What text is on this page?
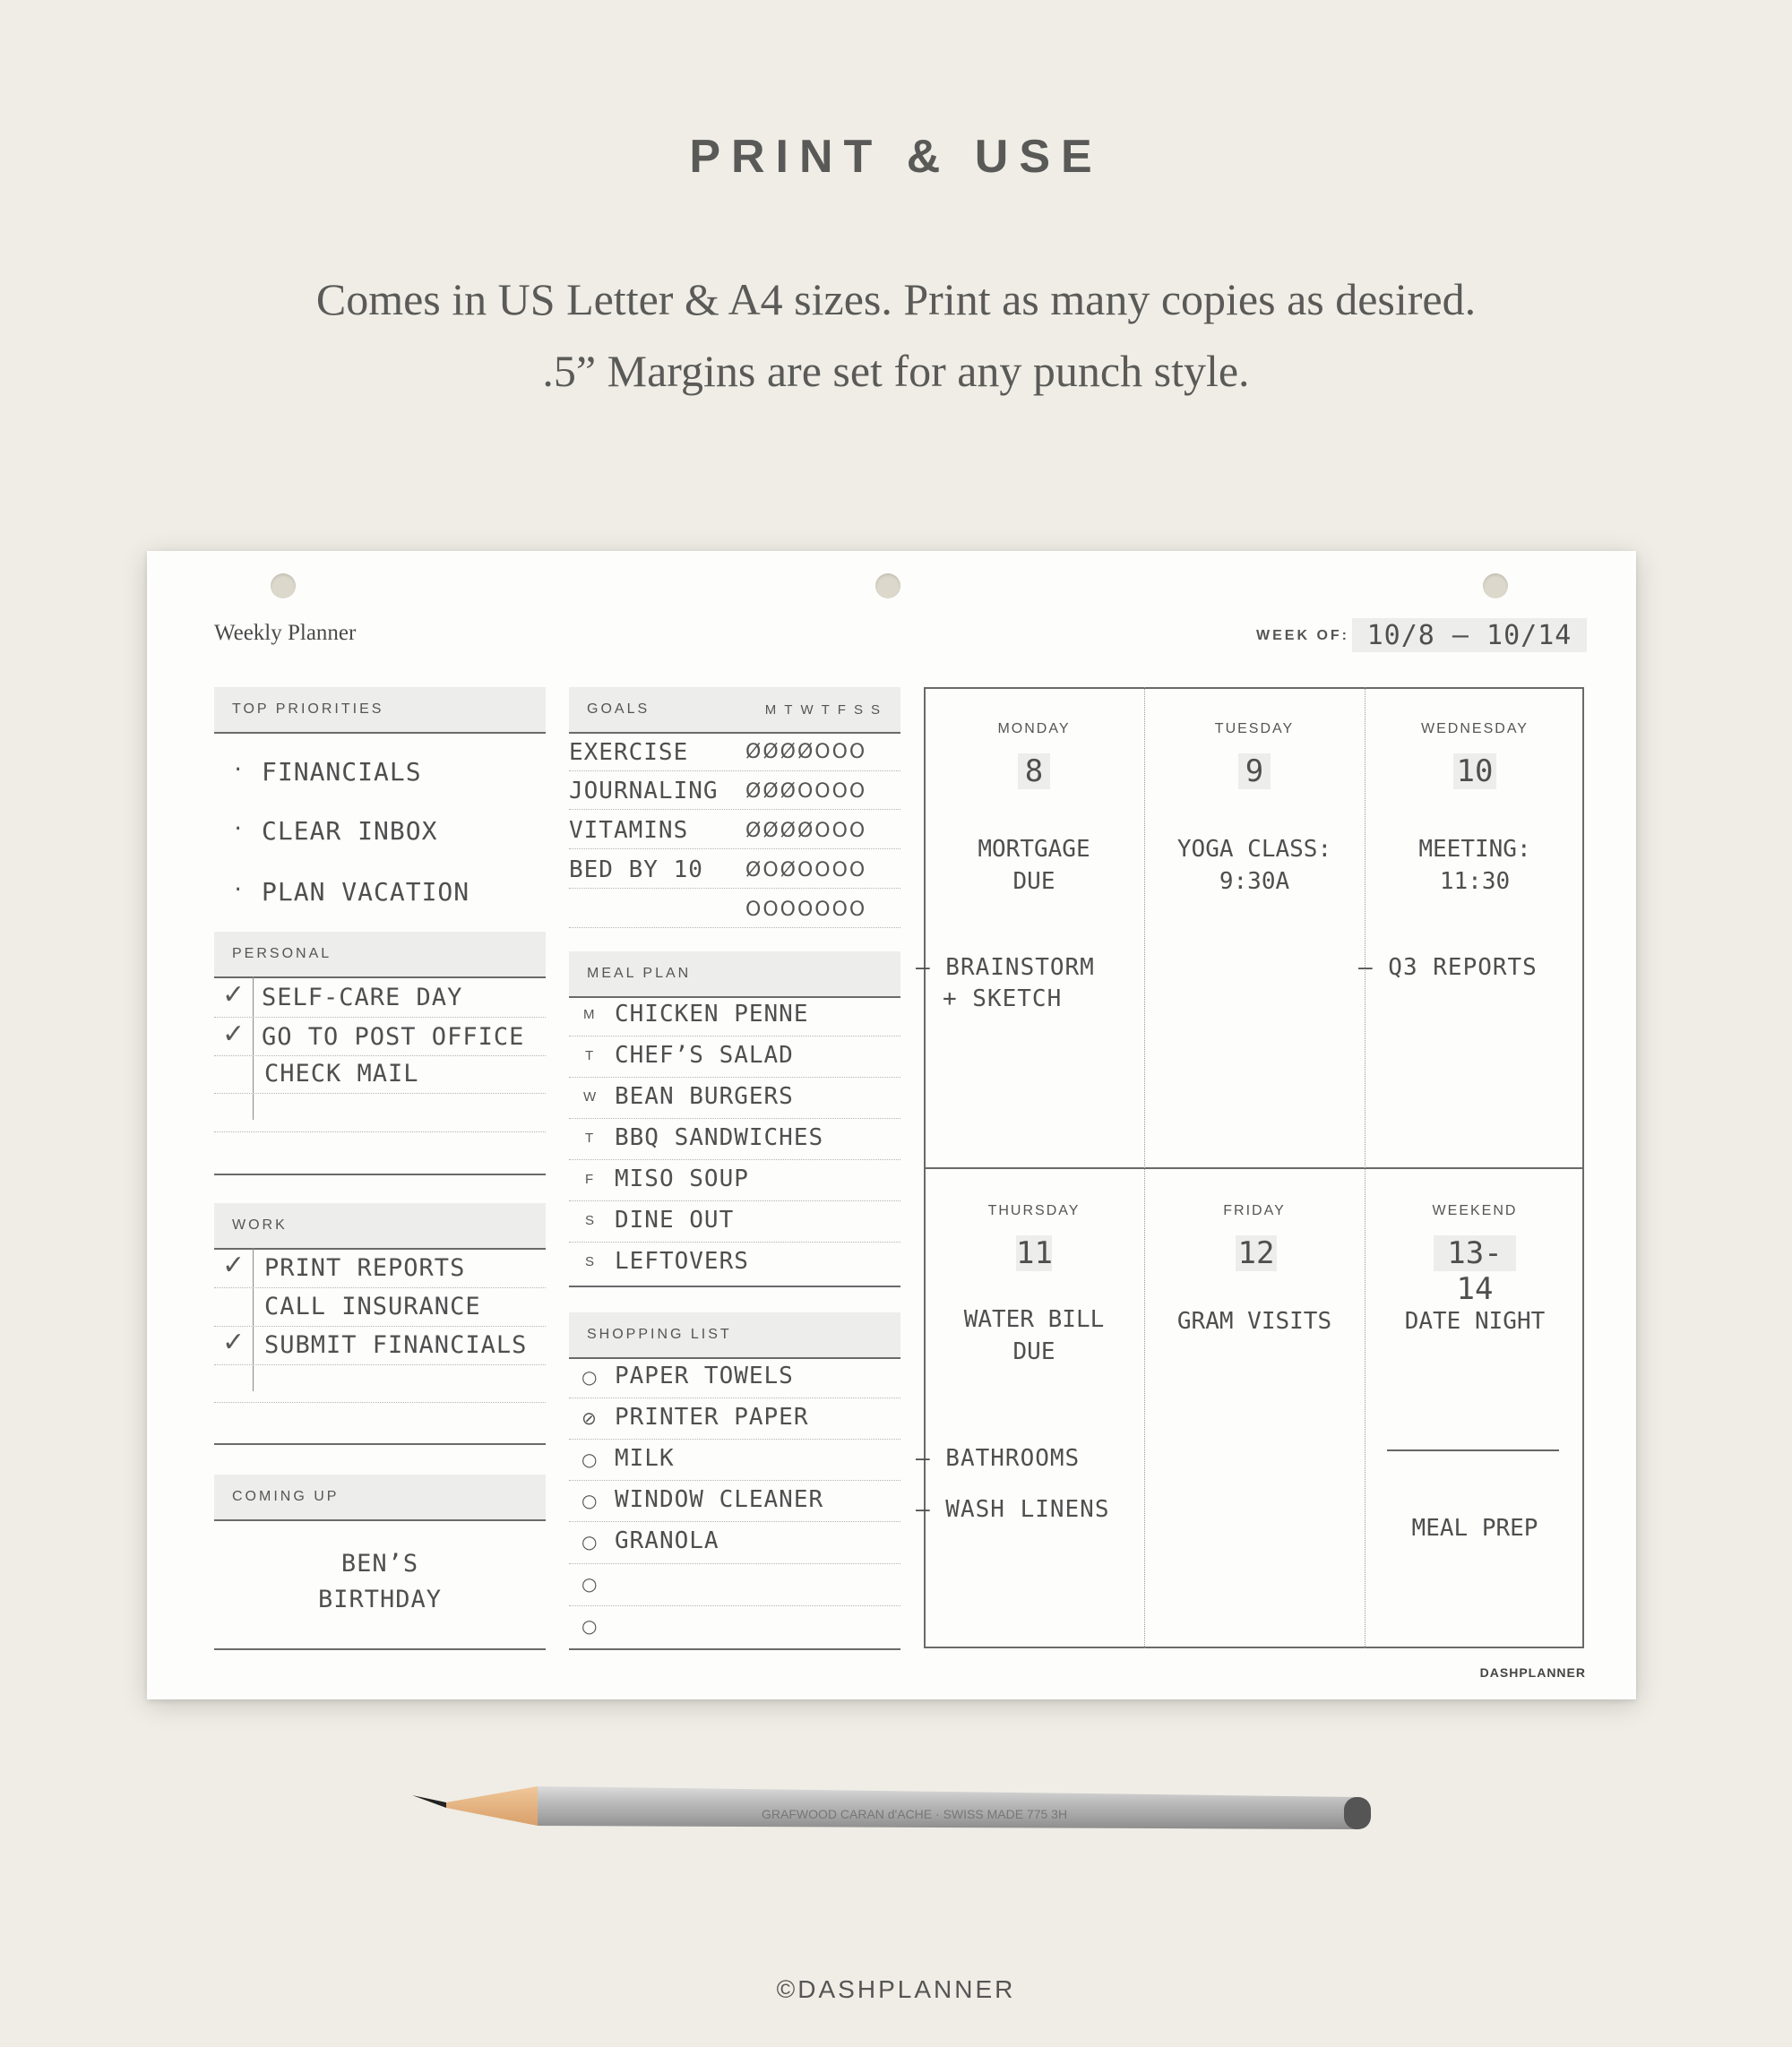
PRINT & USE
Comes in US Letter & A4 sizes. Print as many copies as desired.
.5” Margins are set for any punch style.
Weekly Planner	WEEK OF: 10/8 – 10/14
TOP PRIORITIES
· FINANCIALS
· CLEAR INBOX
· PLAN VACATION
PERSONAL
✓ SELF-CARE DAY
✓ GO TO POST OFFICE
CHECK MAIL
WORK
✓ PRINT REPORTS
CALL INSURANCE
✓ SUBMIT FINANCIALS
COMING UP
BEN’S
BIRTHDAY
GOALS	MTWTFSS
EXERCISE	ØØØØOOO
JOURNALING ØØØOOOO
VITAMINS	ØØØØOOO
BED BY 10 ØOØOOOO
OOOOOOO
MEAL PLAN
M CHICKEN PENNE
T CHEF’S SALAD
W BEAN BURGERS
T BBQ SANDWICHES
F MISO SOUP
S DINE OUT
S LEFTOVERS
SHOPPING LIST
○ PAPER TOWELS
⊘ PRINTER PAPER
○ MILK
○ WINDOW CLEANER
○ GRANOLA
○
○
MONDAY
8
MORTGAGE
DUE
– BRAINSTORM
+ SKETCH
TUESDAY
9
YOGA CLASS:
9:30A
WEDNESDAY
10
MEETING:
11:30
– Q3 REPORTS
THURSDAY
11
WATER BILL
DUE
– BATHROOMS
– WASH LINENS
FRIDAY
12
GRAM VISITS
WEEKEND
13-14
DATE NIGHT
MEAL PREP
DASHPLANNER
GRAFWOOD CARAN d'ACHE · SWISS MADE 775 3H
©DASHPLANNER
